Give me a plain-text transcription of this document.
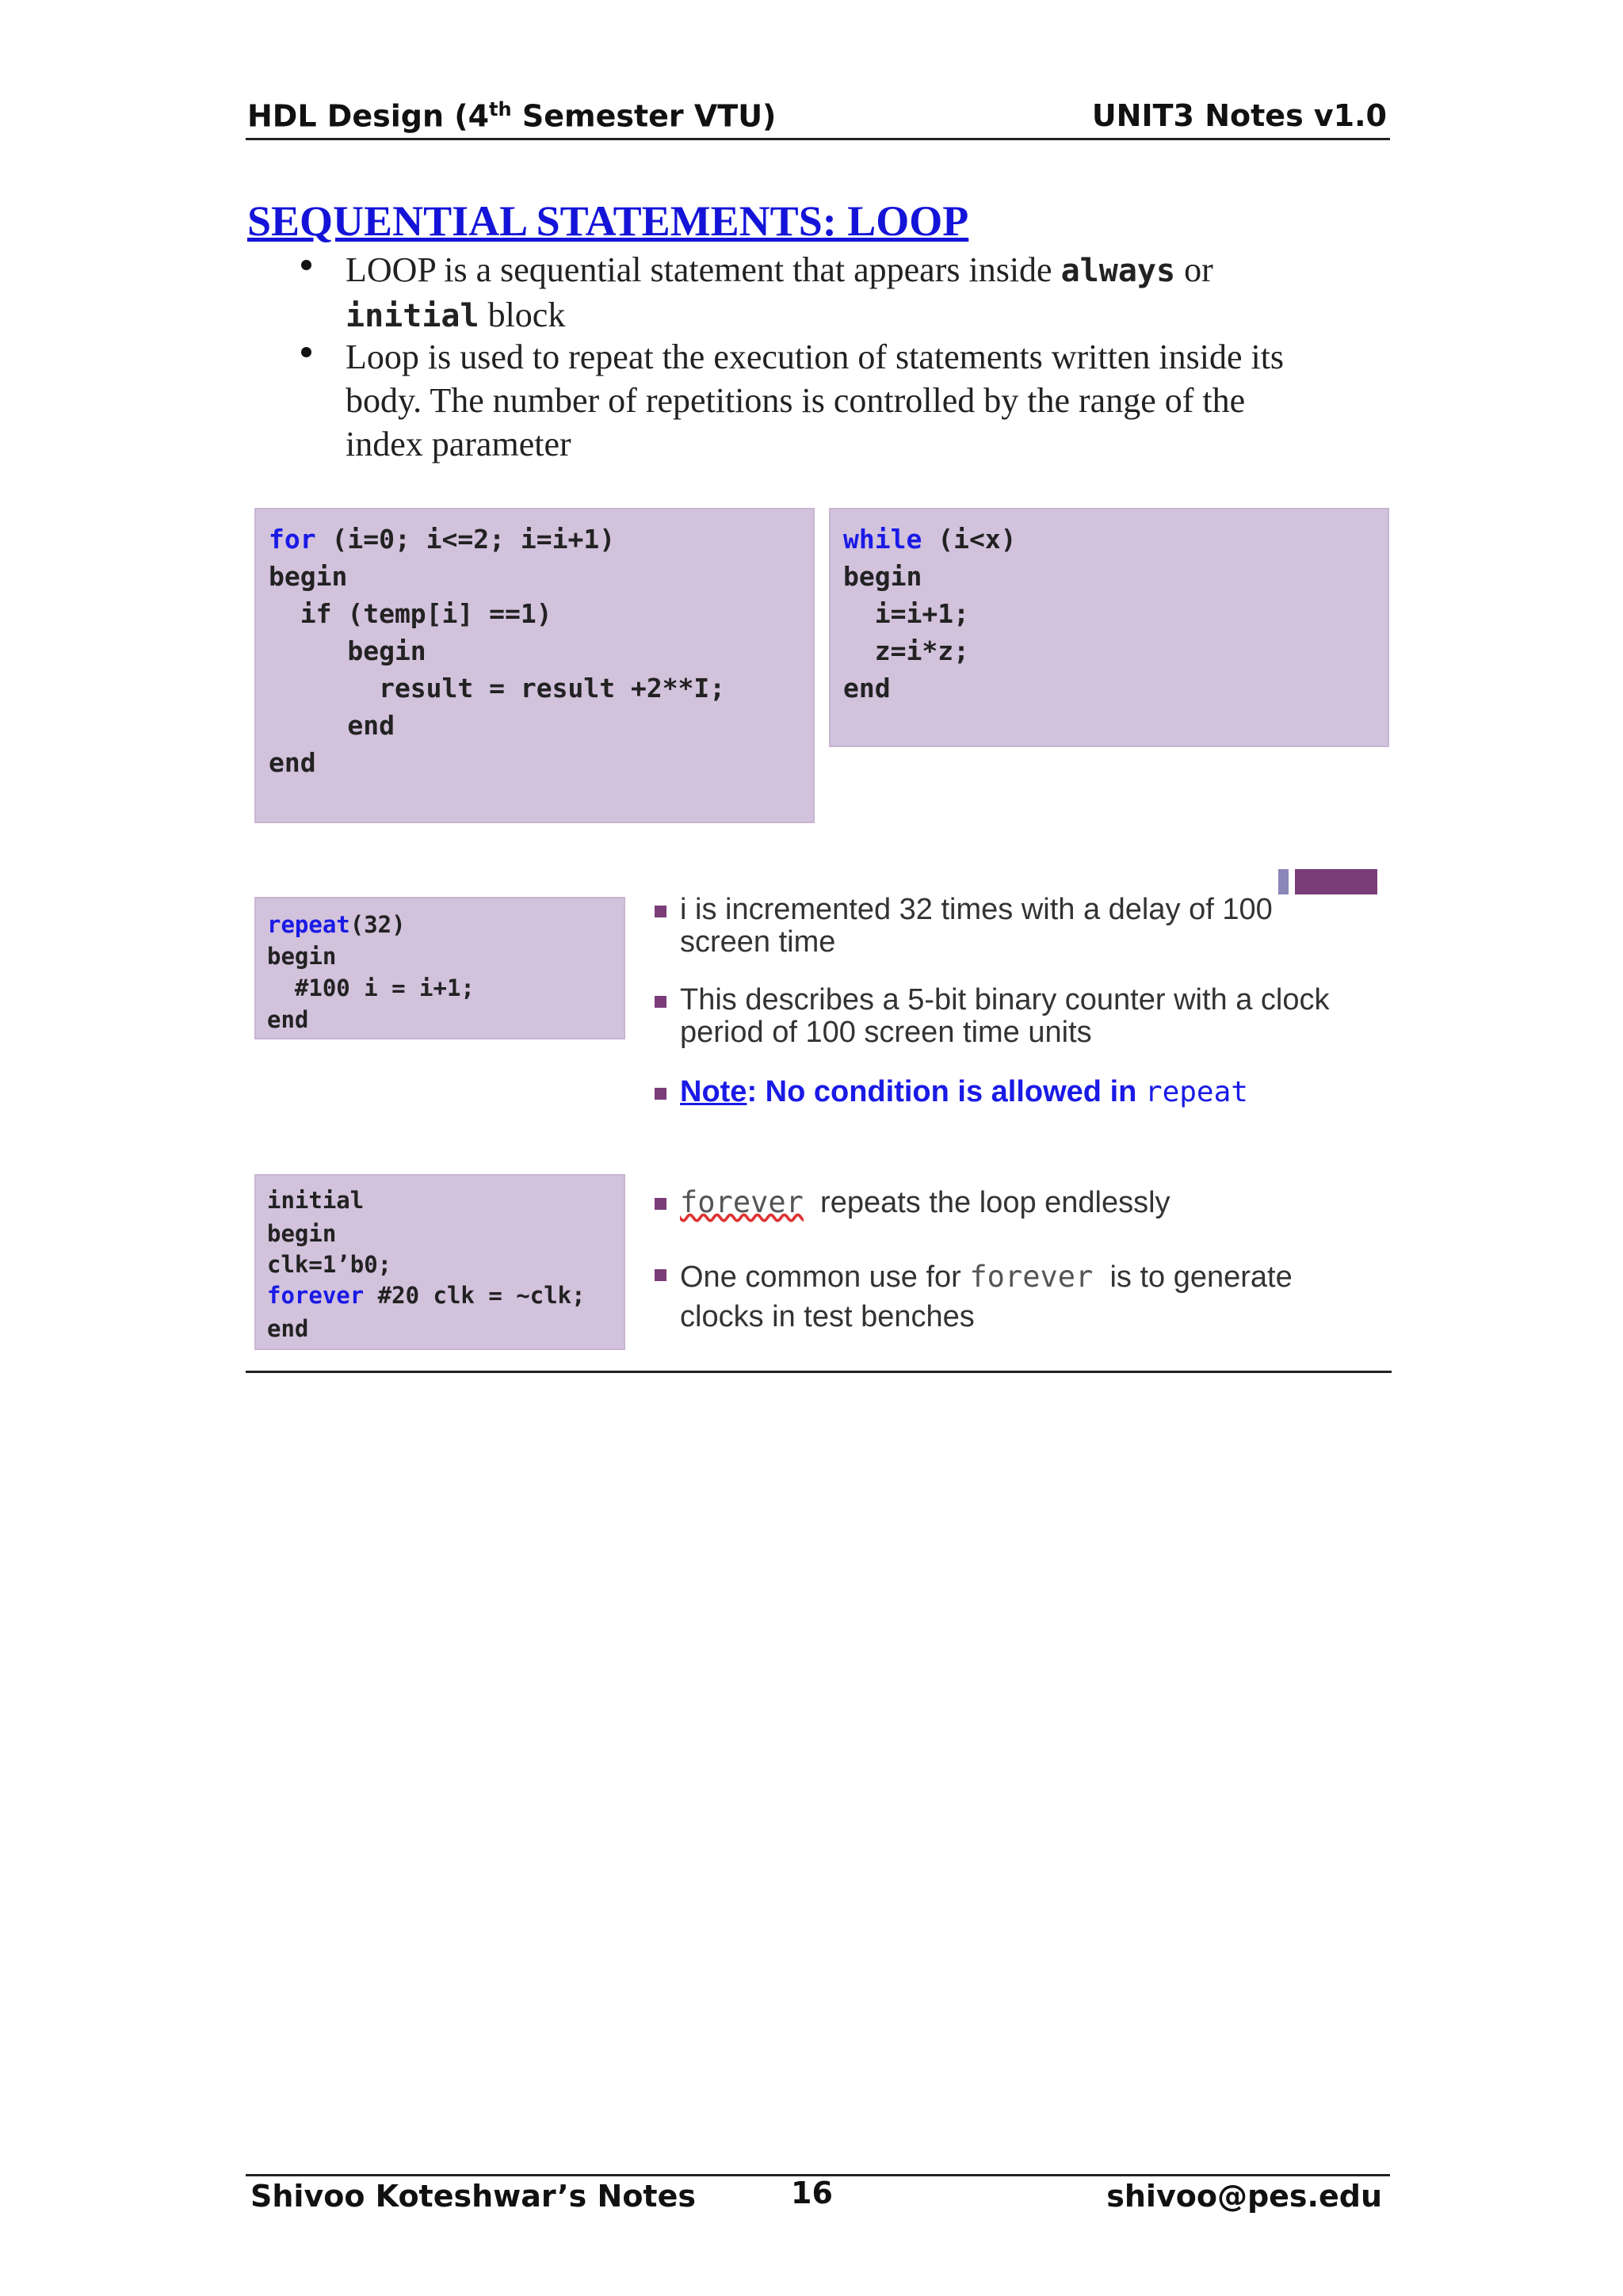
HDL Design (4th Semester VTU)	UNIT3 Notes v1.0
SEQUENTIAL STATEMENTS: LOOP
LOOP is a sequential statement that appears inside always or
initial block
Loop is used to repeat the execution of statements written inside its
body. The number of repetitions is controlled by the range of the
index parameter
for (i=0; i<=2; i=i+1)
begin
if (temp[i] ==1)
begin
result = result +2**I;
end
end
while (i<x)
begin
i=i+1;
z=i*z;
end
repeat(32)
begin
#100 i = i+1;
end
i is incremented 32 times with a delay of 100
screen time
This describes a 5-bit binary counter with a clock
period of 100 screen time units
Note: No condition is allowed in repeat
initial
begin
clk=1’b0;
forever #20 clk = ~clk;
end
forever  repeats the loop endlessly
One common use for forever  is to generate
clocks in test benches
Shivoo Koteshwar’s Notes	16	shivoo@pes.edu
